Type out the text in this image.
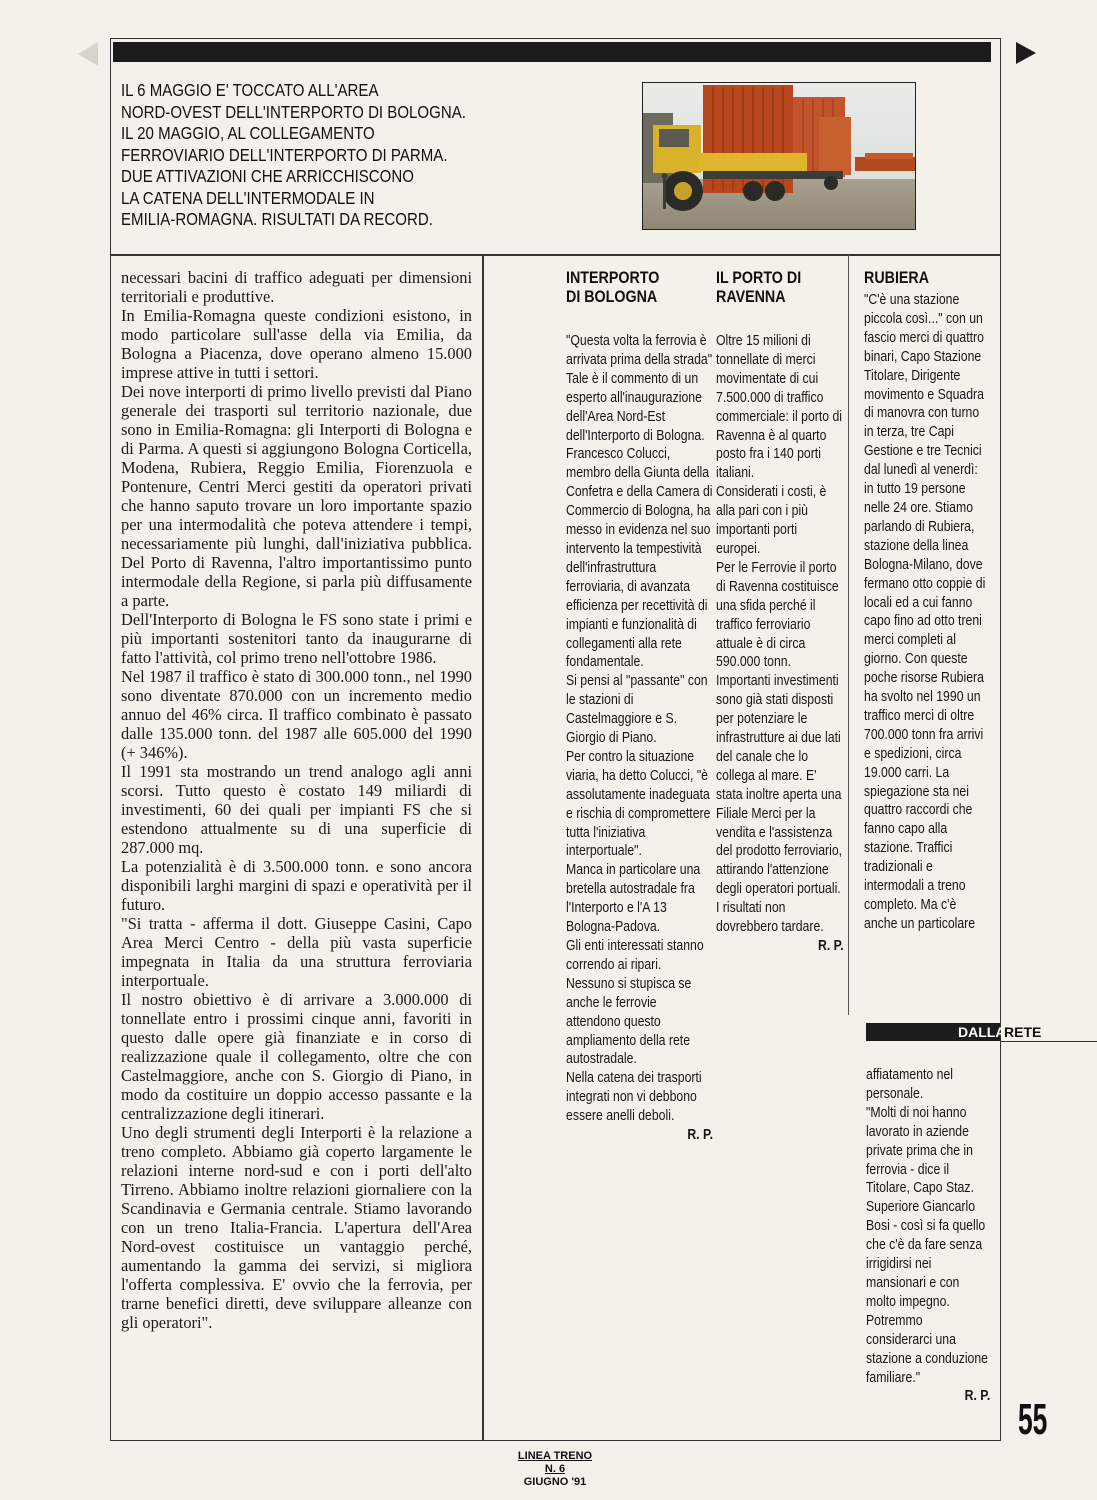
IL 6 MAGGIO E' TOCCATO ALL'AREA
NORD-OVEST DELL'INTERPORTO DI BOLOGNA.
IL 20 MAGGIO, AL COLLEGAMENTO
FERROVIARIO DELL'INTERPORTO DI PARMA.
DUE ATTIVAZIONI CHE ARRICCHISCONO
LA CATENA DELL'INTERMODALE IN
EMILIA-ROMAGNA. RISULTATI DA RECORD.

necessari bacini di traffico adeguati per dimensioni territoriali e produttive.

In Emilia-Romagna queste condizioni esistono, in modo particolare sull'asse della via Emilia, da Bologna a Piacenza, dove operano almeno 15.000 imprese attive in tutti i settori.

Dei nove interporti di primo livello previsti dal Piano generale dei trasporti sul territorio nazionale, due sono in Emilia-Romagna: gli Interporti di Bologna e di Parma. A questi si aggiungono Bologna Corticella, Modena, Rubiera, Reggio Emilia, Fiorenzuola e Pontenure, Centri Merci gestiti da operatori privati che hanno saputo trovare un loro importante spazio per una intermodalità che poteva attendere i tempi, necessariamente più lunghi, dall'iniziativa pubblica. Del Porto di Ravenna, l'altro importantissimo punto intermodale della Regione, si parla più diffusamente a parte.

Dell'Interporto di Bologna le FS sono state i primi e più importanti sostenitori tanto da inaugurarne di fatto l'attività, col primo treno nell'ottobre 1986.

Nel 1987 il traffico è stato di 300.000 tonn., nel 1990 sono diventate 870.000 con un incremento medio annuo del 46% circa. Il traffico combinato è passato dalle 135.000 tonn. del 1987 alle 605.000 del 1990 (+ 346%).

Il 1991 sta mostrando un trend analogo agli anni scorsi. Tutto questo è costato 149 miliardi di investimenti, 60 dei quali per impianti FS che si estendono attualmente su di una superficie di 287.000 mq.

La potenzialità è di 3.500.000 tonn. e sono ancora disponibili larghi margini di spazi e operatività per il futuro.

"Si tratta - afferma il dott. Giuseppe Casini, Capo Area Merci Centro - della più vasta superficie impegnata in Italia da una struttura ferroviaria interportuale.

Il nostro obiettivo è di arrivare a 3.000.000 di tonnellate entro i prossimi cinque anni, favoriti in questo dalle opere già finanziate e in corso di realizzazione quale il collegamento, oltre che con Castelmaggiore, anche con S. Giorgio di Piano, in modo da costituire un doppio accesso passante e la centralizzazione degli itinerari.

Uno degli strumenti degli Interporti è la relazione a treno completo. Abbiamo già coperto largamente le relazioni interne nord-sud e con i porti dell'alto Tirreno. Abbiamo inoltre relazioni giornaliere con la Scandinavia e Germania centrale. Stiamo lavorando con un treno Italia-Francia. L'apertura dell'Area Nord-ovest costituisce un vantaggio perché, aumentando la gamma dei servizi, si migliora l'offerta complessiva. E' ovvio che la ferrovia, per trarne benefici diretti, deve sviluppare alleanze con gli operatori".

INTERPORTO
DI BOLOGNA

"Questa volta la ferrovia è arrivata prima della strada" Tale è il commento di un esperto all'inaugurazione dell'Area Nord-Est dell'Interporto di Bologna.

Francesco Colucci, membro della Giunta della Confetra e della Camera di Commercio di Bologna, ha messo in evidenza nel suo intervento la tempestività dell'infrastruttura ferroviaria, di avanzata efficienza per recettività di impianti e funzionalità di collegamenti alla rete fondamentale.

Si pensi al "passante" con le stazioni di Castelmaggiore e S. Giorgio di Piano.

Per contro la situazione viaria, ha detto Colucci, "è assolutamente inadeguata e rischia di compromettere tutta l'iniziativa interportuale".

Manca in particolare una bretella autostradale fra l'Interporto e l'A 13 Bologna-Padova.

Gli enti interessati stanno correndo ai ripari.

Nessuno si stupisca se anche le ferrovie attendono questo ampliamento della rete autostradale.

Nella catena dei trasporti integrati non vi debbono essere anelli deboli.

R. P.

IL PORTO DI
RAVENNA

Oltre 15 milioni di tonnellate di merci movimentate di cui 7.500.000 di traffico commerciale: il porto di Ravenna è al quarto posto fra i 140 porti italiani.

Considerati i costi, è alla pari con i più importanti porti europei.

Per le Ferrovie il porto di Ravenna costituisce una sfida perché il traffico ferroviario attuale è di circa 590.000 tonn.

Importanti investimenti sono già stati disposti per potenziare le infrastrutture ai due lati del canale che lo collega al mare. E' stata inoltre aperta una Filiale Merci per la vendita e l'assistenza del prodotto ferroviario, attirando l'attenzione degli operatori portuali. I risultati non dovrebbero tardare.

R. P.

RUBIERA

"C'è una stazione piccola così..." con un fascio merci di quattro binari, Capo Stazione Titolare, Dirigente movimento e Squadra di manovra con turno in terza, tre Capi Gestione e tre Tecnici dal lunedì al venerdì: in tutto 19 persone nelle 24 ore. Stiamo parlando di Rubiera, stazione della linea Bologna-Milano, dove fermano otto coppie di locali ed a cui fanno capo fino ad otto treni merci completi al giorno. Con queste poche risorse Rubiera ha svolto nel 1990 un traffico merci di oltre 700.000 tonn fra arrivi e spedizioni, circa 19.000 carri. La spiegazione sta nei quattro raccordi che fanno capo alla stazione. Traffici tradizionali e intermodali a treno completo. Ma c'è anche un particolare

DALLA
RETE

affiatamento nel personale.
"Molti di noi hanno lavorato in aziende private prima che in ferrovia - dice il Titolare, Capo Staz. Superiore Giancarlo Bosi - così si fa quello che c'è da fare senza irrigidirsi nei mansionari e con molto impegno. Potremmo considerarci una stazione a conduzione familiare."

R. P. 55
LINEA TRENO
N. 6
GIUGNO '91
